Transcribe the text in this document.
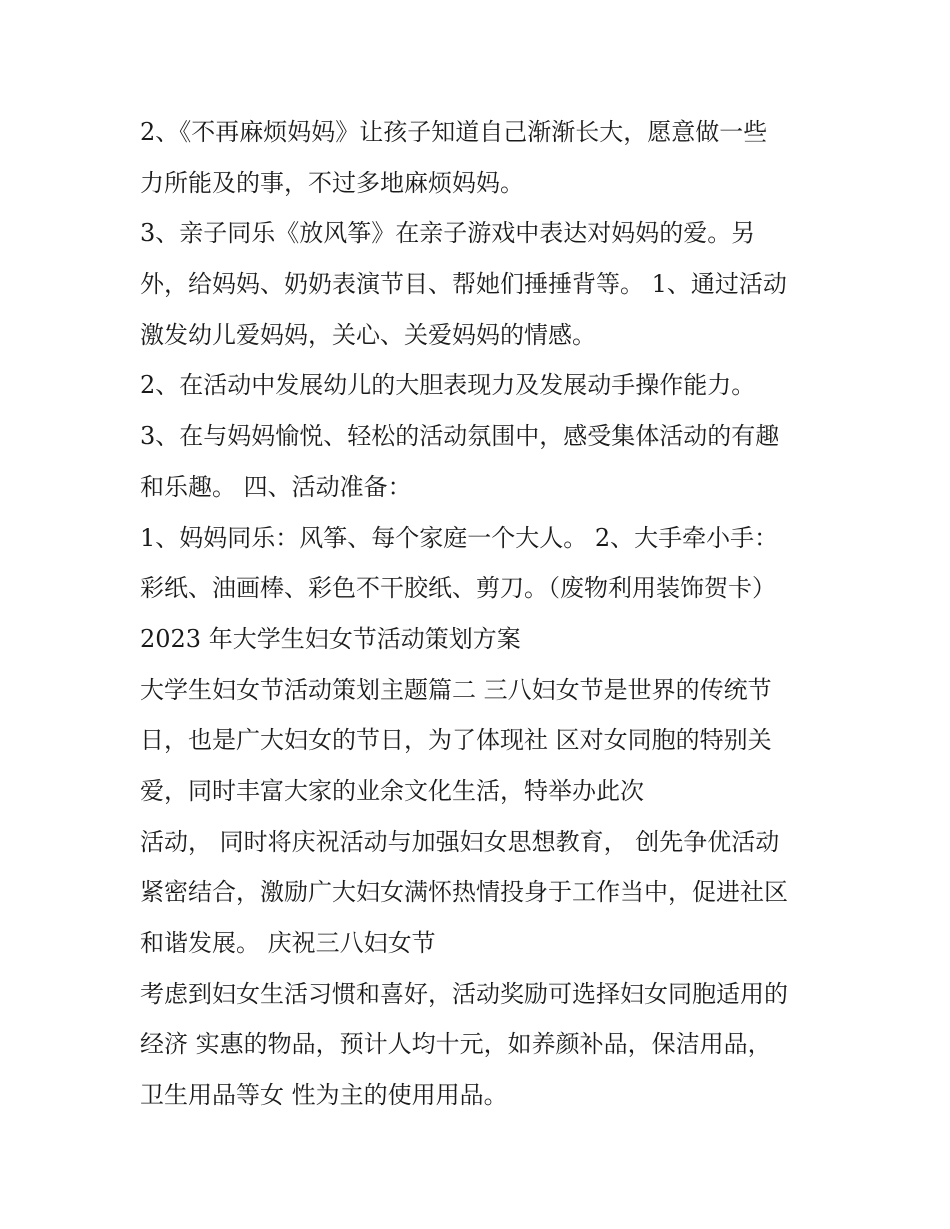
2、《不再麻烦妈妈》让孩子知道自己渐渐长大，愿意做一些
力所能及的事，不过多地麻烦妈妈。
3、亲子同乐《放风筝》在亲子游戏中表达对妈妈的爱。另
外，给妈妈、奶奶表演节目、帮她们捶捶背等。 1、通过活动
激发幼儿爱妈妈，关心、关爱妈妈的情感。
2、在活动中发展幼儿的大胆表现力及发展动手操作能力。
3、在与妈妈愉悦、轻松的活动氛围中，感受集体活动的有趣
和乐趣。 四、活动准备：
1、妈妈同乐：风筝、每个家庭一个大人。 2、大手牵小手：
彩纸、油画棒、彩色不干胶纸、剪刀。（废物利用装饰贺卡）
2023 年大学生妇女节活动策划方案
大学生妇女节活动策划主题篇二 三八妇女节是世界的传统节
日，也是广大妇女的节日，为了体现社 区对女同胞的特别关
爱，同时丰富大家的业余文化生活，特举办此次
活动， 同时将庆祝活动与加强妇女思想教育， 创先争优活动
紧密结合，激励广大妇女满怀热情投身于工作当中，促进社区
和谐发展。 庆祝三八妇女节
考虑到妇女生活习惯和喜好，活动奖励可选择妇女同胞适用的
经济 实惠的物品，预计人均十元，如养颜补品，保洁用品，
卫生用品等女 性为主的使用用品。
